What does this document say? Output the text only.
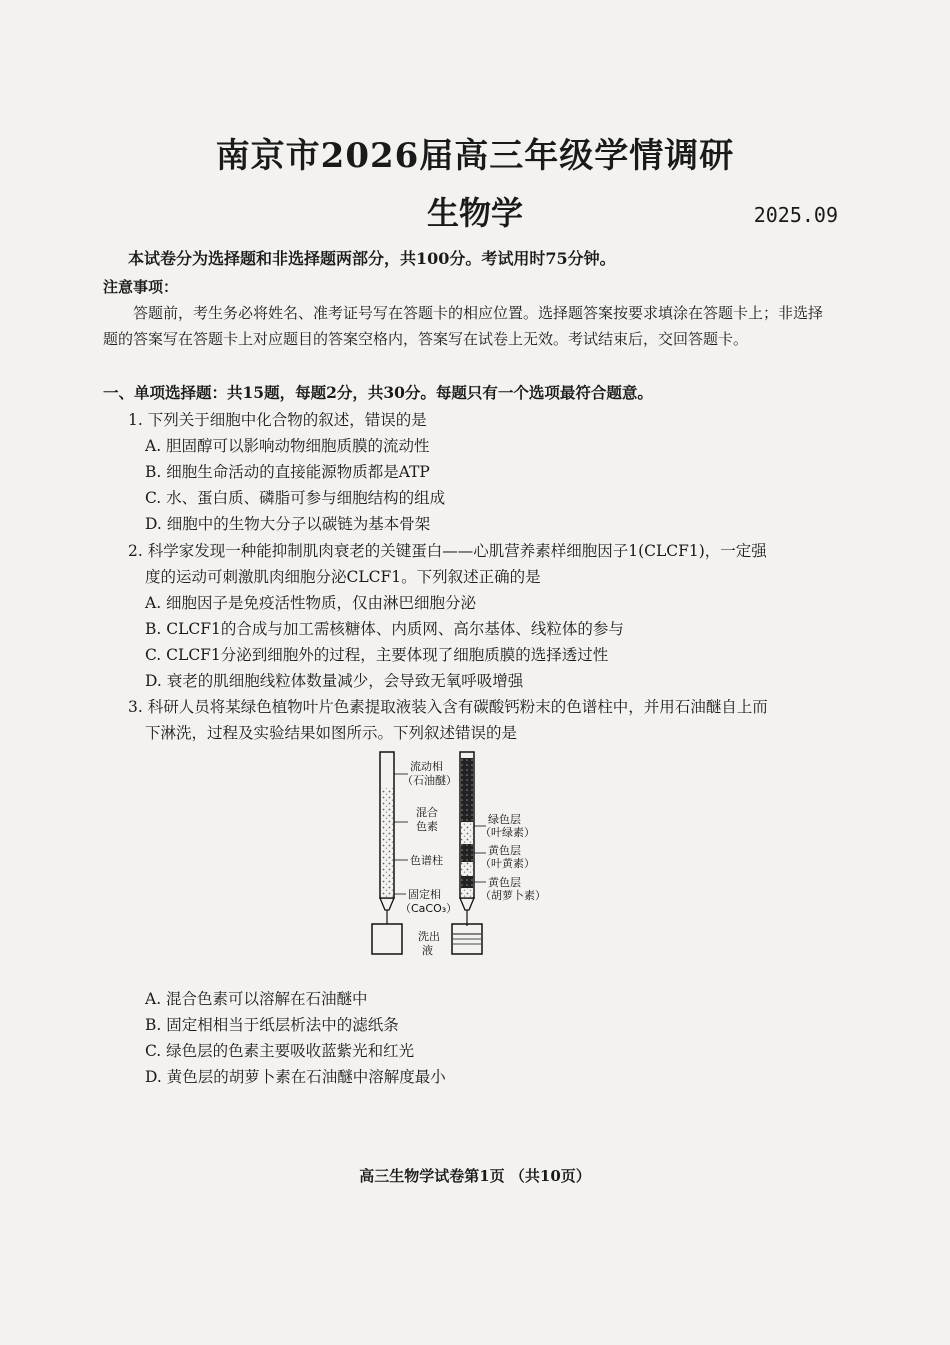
南京市2026届高三年级学情调研
生物学	2025.09
本试卷分为选择题和非选择题两部分，共100分。考试用时75分钟。
注意事项：
答题前，考生务必将姓名、准考证号写在答题卡的相应位置。选择题答案按要求填涂在答题卡上；非选择题的答案写在答题卡上对应题目的答案空格内，答案写在试卷上无效。考试结束后，交回答题卡。
一、单项选择题：共15题，每题2分，共30分。每题只有一个选项最符合题意。
1. 下列关于细胞中化合物的叙述，错误的是
A. 胆固醇可以影响动物细胞质膜的流动性
B. 细胞生命活动的直接能源物质都是ATP
C. 水、蛋白质、磷脂可参与细胞结构的组成
D. 细胞中的生物大分子以碳链为基本骨架
2. 科学家发现一种能抑制肌肉衰老的关键蛋白——心肌营养素样细胞因子1(CLCF1)，一定强
度的运动可刺激肌肉细胞分泌CLCF1。下列叙述正确的是
A. 细胞因子是免疫活性物质，仅由淋巴细胞分泌
B. CLCF1的合成与加工需核糖体、内质网、高尔基体、线粒体的参与
C. CLCF1分泌到细胞外的过程，主要体现了细胞质膜的选择透过性
D. 衰老的肌细胞线粒体数量减少，会导致无氧呼吸增强
3. 科研人员将某绿色植物叶片色素提取液装入含有碳酸钙粉末的色谱柱中，并用石油醚自上而
下淋洗，过程及实验结果如图所示。下列叙述错误的是
流动相
（石油醚）
混合
色素
色谱柱
固定相
（CaCO₃）
洗出
液
绿色层
（叶绿素）
黄色层
（叶黄素）
黄色层
（胡萝卜素）
A. 混合色素可以溶解在石油醚中
B. 固定相相当于纸层析法中的滤纸条
C. 绿色层的色素主要吸收蓝紫光和红光
D. 黄色层的胡萝卜素在石油醚中溶解度最小
高三生物学试卷第1页 （共10页）
